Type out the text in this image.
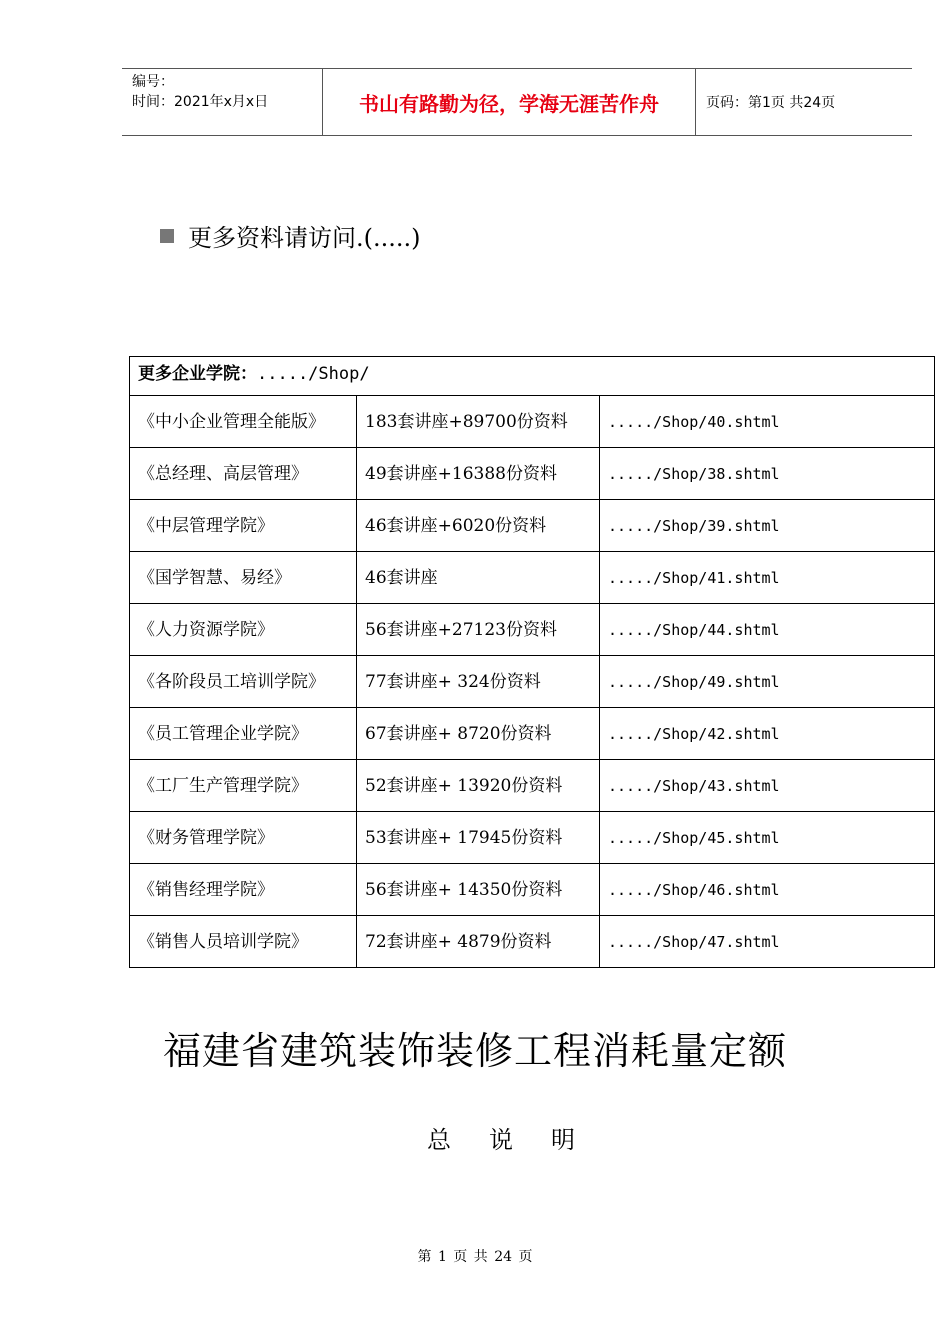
编号：
时间：2021年x月x日	书山有路勤为径，学海无涯苦作舟	页码：第1页 共24页
更多资料请访问.(.....)
更多企业学院：...../Shop/		
《中小企业管理全能版》	183套讲座+89700份资料	...../Shop/40.shtml
《总经理、高层管理》	49套讲座+16388份资料	...../Shop/38.shtml
《中层管理学院》	46套讲座+6020份资料	...../Shop/39.shtml
《国学智慧、易经》	46套讲座	...../Shop/41.shtml
《人力资源学院》	56套讲座+27123份资料	...../Shop/44.shtml
《各阶段员工培训学院》	77套讲座+ 324份资料	...../Shop/49.shtml
《员工管理企业学院》	67套讲座+ 8720份资料	...../Shop/42.shtml
《工厂生产管理学院》	52套讲座+ 13920份资料	...../Shop/43.shtml
《财务管理学院》	53套讲座+ 17945份资料	...../Shop/45.shtml
《销售经理学院》	56套讲座+ 14350份资料	...../Shop/46.shtml
《销售人员培训学院》	72套讲座+ 4879份资料	...../Shop/47.shtml
福建省建筑装饰装修工程消耗量定额
总说明
第 1 页 共 24 页
